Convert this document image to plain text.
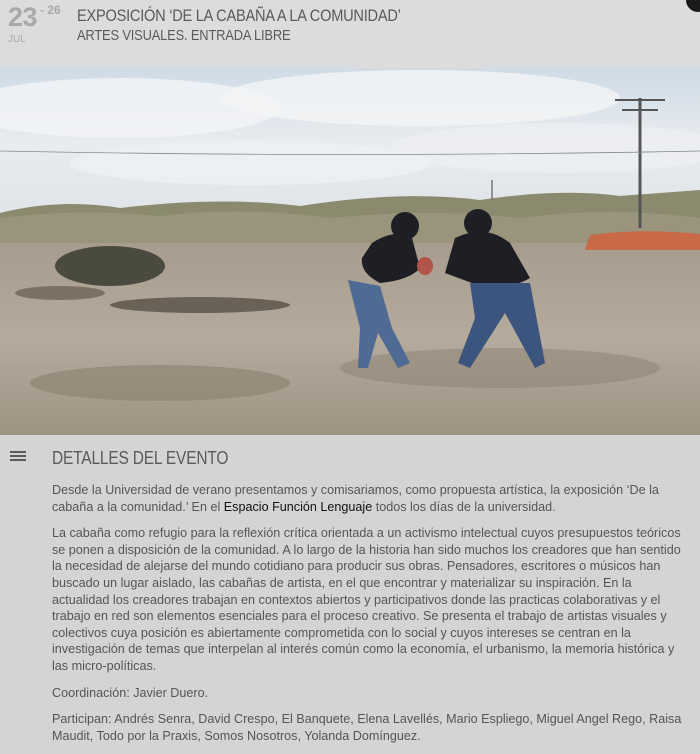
23 - 26
JUL
EXPOSICIÓN ‘DE LA CABAÑA A LA COMUNIDAD’
ARTES VISUALES. ENTRADA LIBRE
DETALLES DEL EVENTO

Desde la Universidad de verano presentamos y comisariamos, como propuesta artística, la exposición ‘De la cabaña a la comunidad.’ En el Espacio Función Lenguaje todos los días de la universidad.

La cabaña como refugio para la reflexión crítica orientada a un activismo intelectual cuyos presupuestos teóricos se ponen a disposición de la comunidad. A lo largo de la historia han sido muchos los creadores que han sentido la necesidad de alejarse del mundo cotidiano para producir sus obras. Pensadores, escritores o músicos han buscado un lugar aislado, las cabañas de artista, en el que encontrar y materializar su inspiración. En la actualidad los creadores trabajan en contextos abiertos y participativos donde las practicas colaborativas y el trabajo en red son elementos esenciales para el proceso creativo. Se presenta el trabajo de artistas visuales y colectivos cuya posición es abiertamente comprometida con lo social y cuyos intereses se centran en la investigación de temas que interpelan al interés común como la economía, el urbanismo, la memoria histórica y las micro-políticas.

Coordinación: Javier Duero.

Participan: Andrés Senra, David Crespo, El Banquete, Elena Lavellés, Mario Espliego, Miguel Angel Rego, Raisa Maudit, Todo por la Praxis, Somos Nosotros, Yolanda Domínguez.
